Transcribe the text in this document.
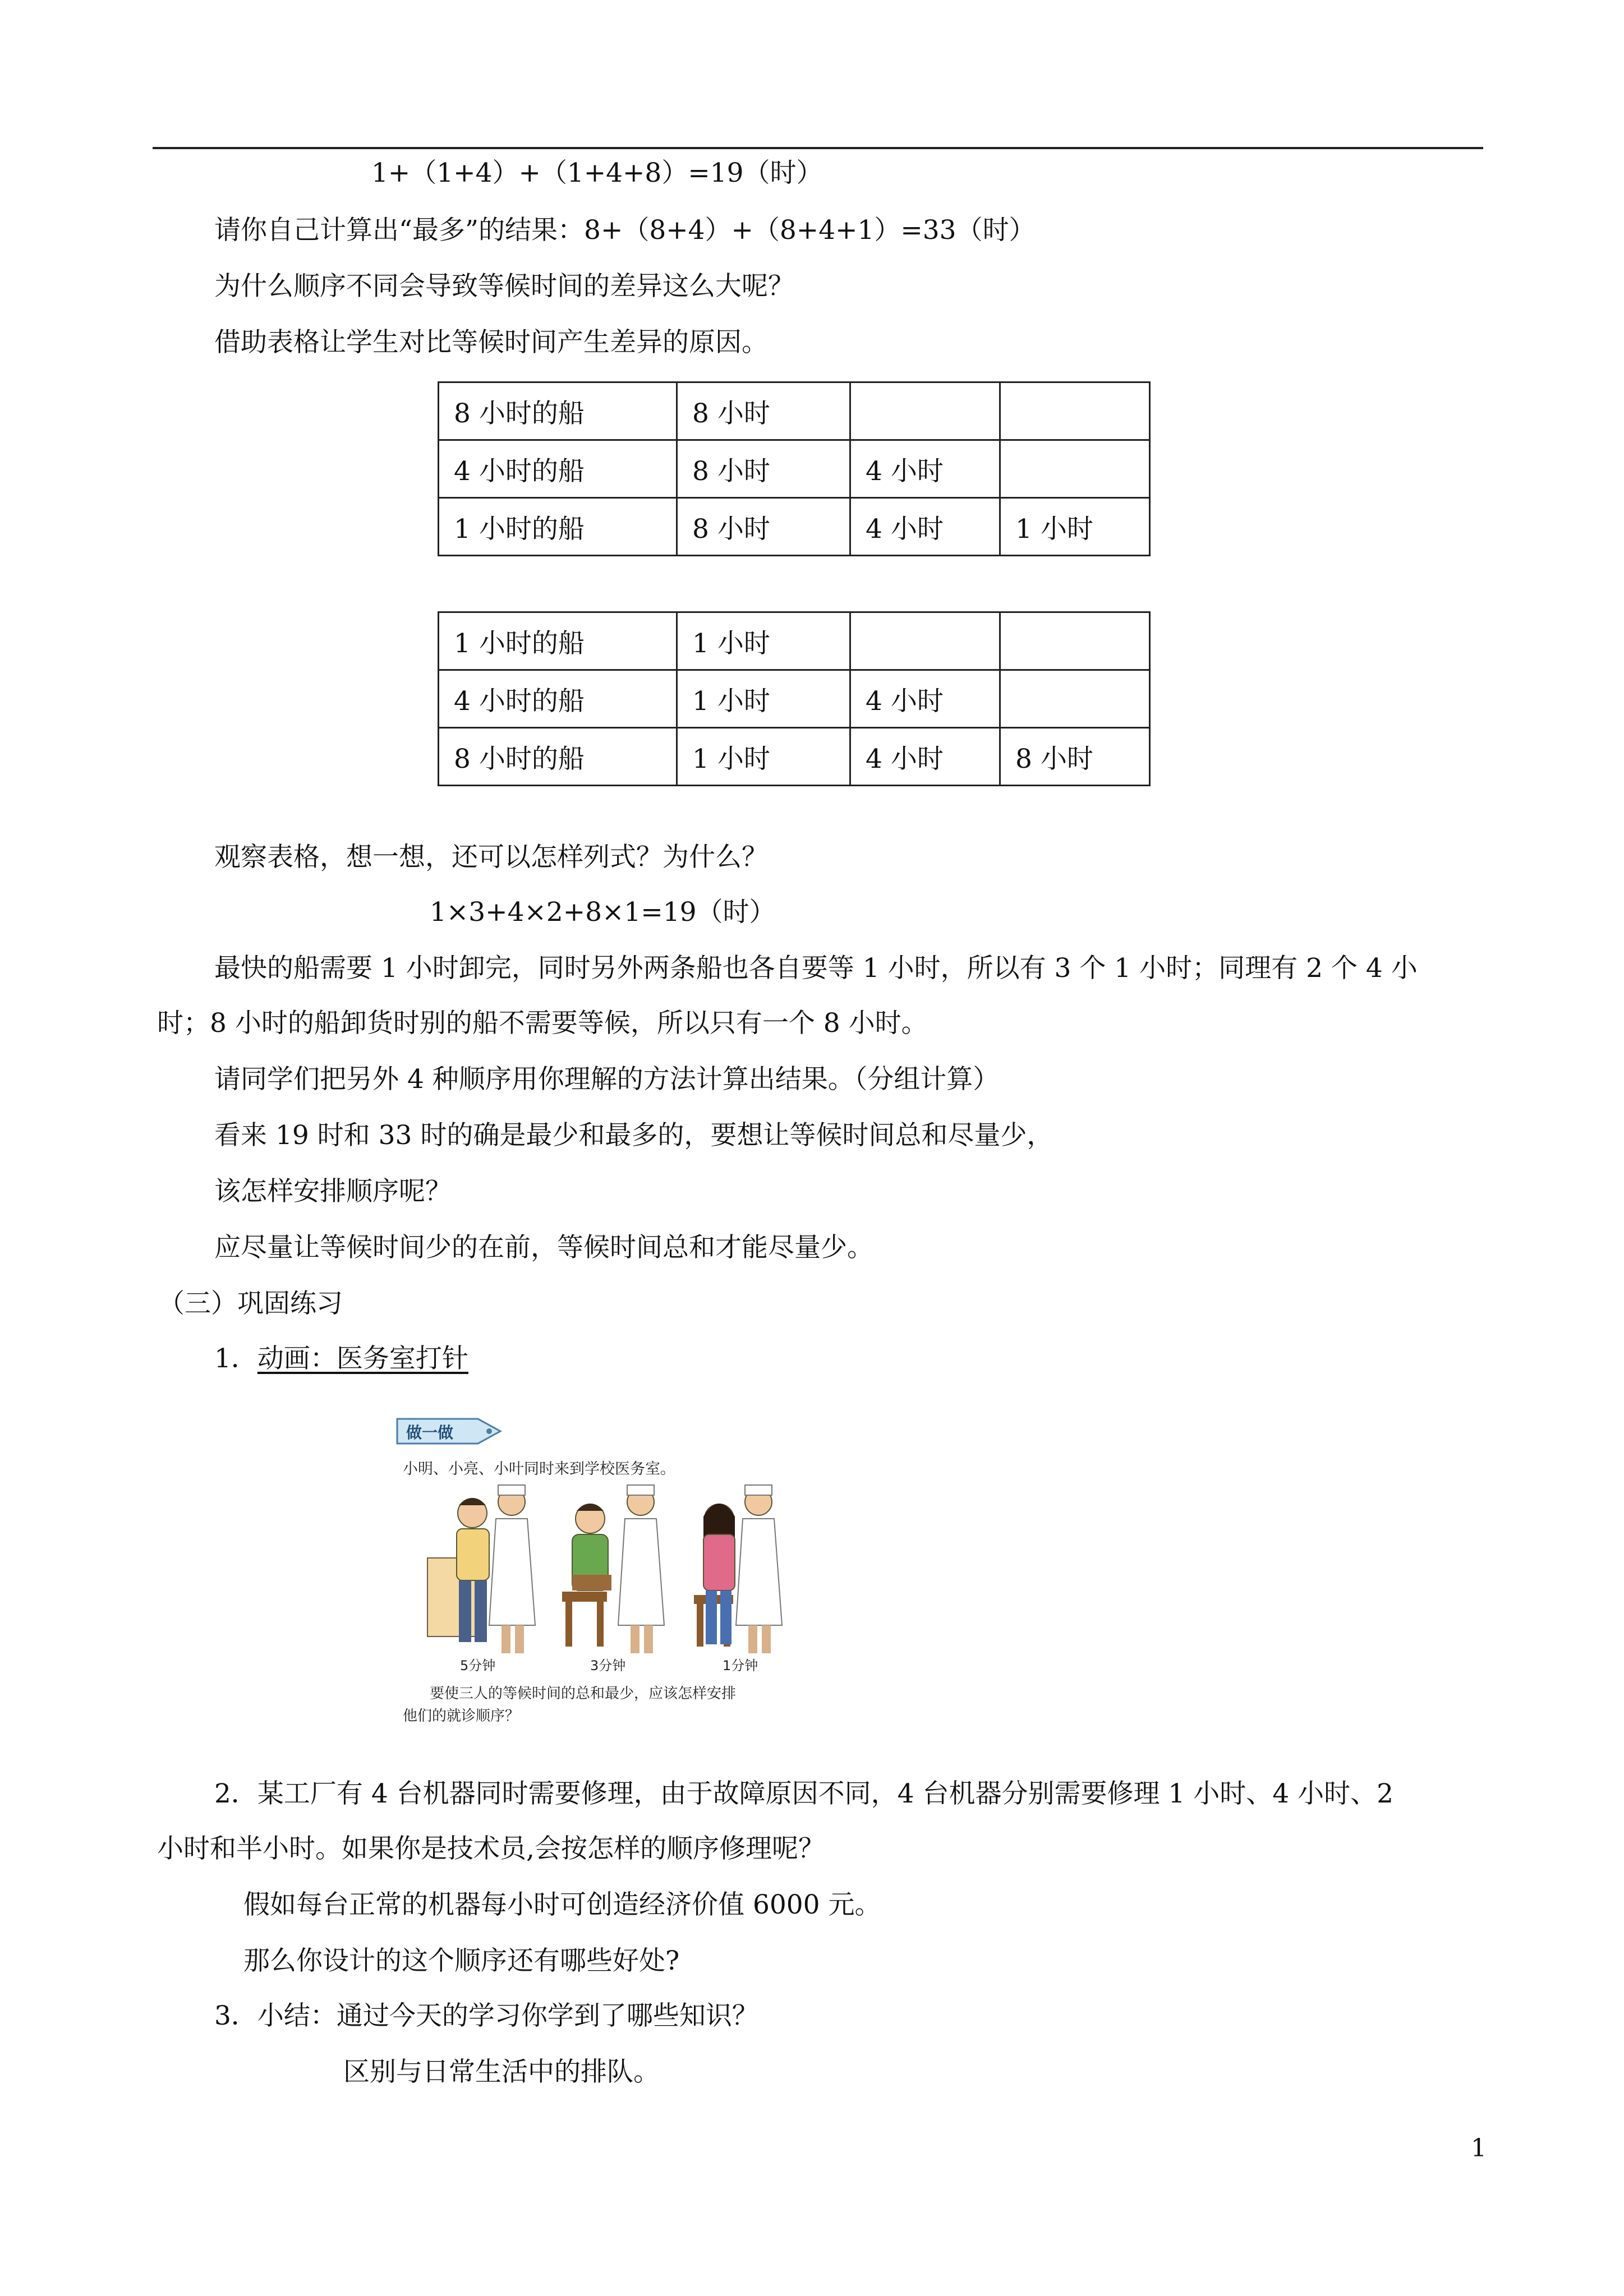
1+（1+4）+（1+4+8）=19（时）
请你自己计算出“最多”的结果：8+（8+4）+（8+4+1）=33（时）
为什么顺序不同会导致等候时间的差异这么大呢？
借助表格让学生对比等候时间产生差异的原因。
8 小时的船	8 小时		
4 小时的船	8 小时	4 小时	
1 小时的船	8 小时	4 小时	1 小时
1 小时的船	1 小时		
4 小时的船	1 小时	4 小时	
8 小时的船	1 小时	4 小时	8 小时
观察表格，想一想，还可以怎样列式？为什么？
1×3+4×2+8×1=19（时）
最快的船需要 1 小时卸完，同时另外两条船也各自要等 1 小时，所以有 3 个 1 小时；同理有 2 个 4 小
时；8 小时的船卸货时别的船不需要等候，所以只有一个 8 小时。
请同学们把另外 4 种顺序用你理解的方法计算出结果。（分组计算）
看来 19 时和 33 时的确是最少和最多的，要想让等候时间总和尽量少，
该怎样安排顺序呢？
应尽量让等候时间少的在前，等候时间总和才能尽量少。
（三）巩固练习
1．动画：医务室打针
做一做
小明、小亮、小叶同时来到学校医务室。
5分钟	3分钟	1分钟
要使三人的等候时间的总和最少，应该怎样安排
他们的就诊顺序？
2．某工厂有 4 台机器同时需要修理，由于故障原因不同，4 台机器分别需要修理 1 小时、4 小时、2
小时和半小时。如果你是技术员,会按怎样的顺序修理呢？
假如每台正常的机器每小时可创造经济价值 6000 元。
那么你设计的这个顺序还有哪些好处?
3．小结：通过今天的学习你学到了哪些知识？
区别与日常生活中的排队。
1
